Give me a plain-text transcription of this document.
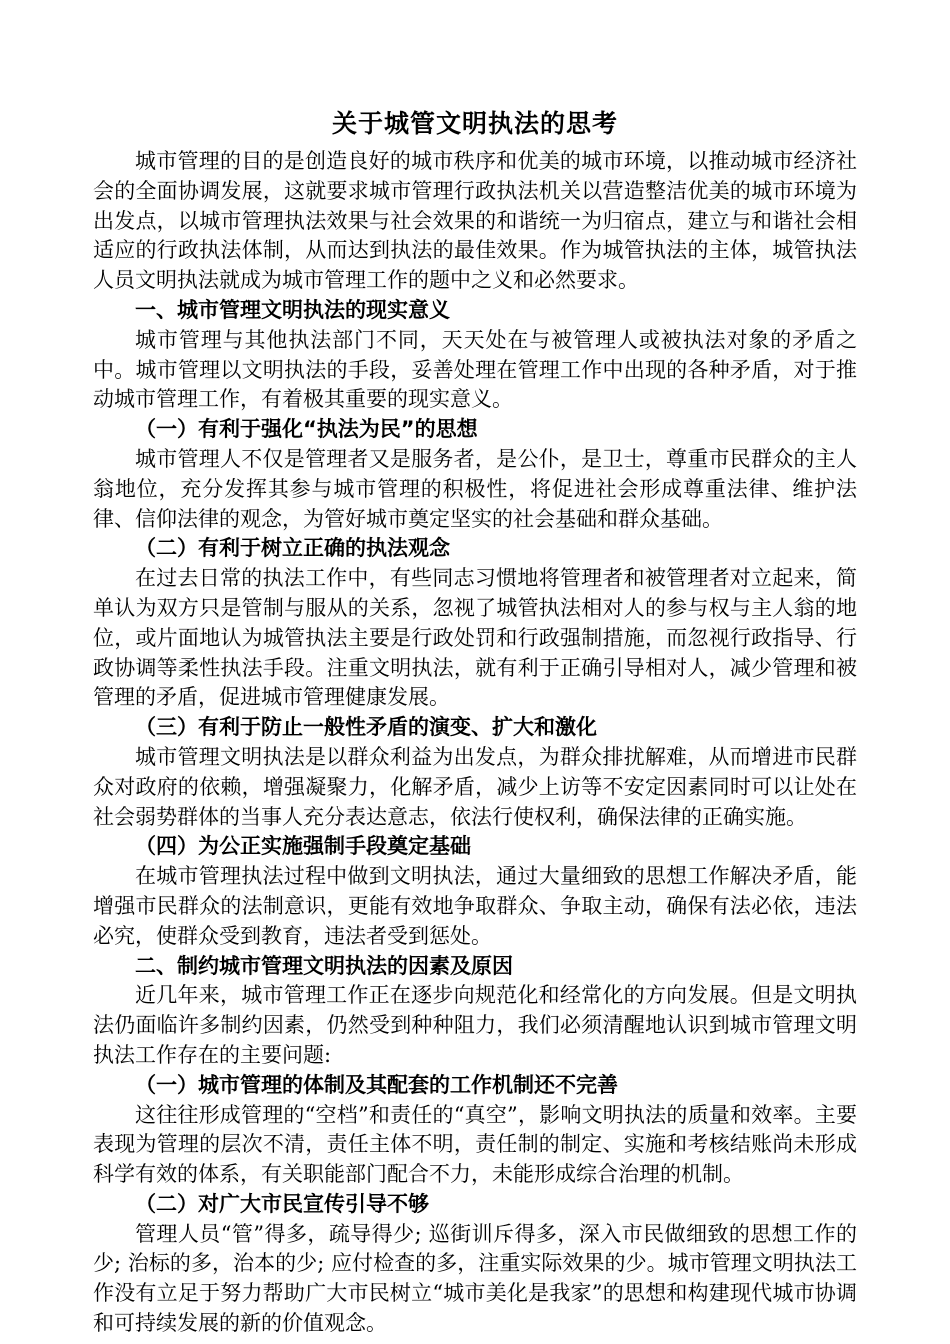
关于城管文明执法的思考

城市管理的目的是创造良好的城市秩序和优美的城市环境，以推动城市经济社会的全面协调发展，这就要求城市管理行政执法机关以营造整洁优美的城市环境为出发点，以城市管理执法效果与社会效果的和谐统一为归宿点，建立与和谐社会相适应的行政执法体制，从而达到执法的最佳效果。作为城管执法的主体，城管执法人员文明执法就成为城市管理工作的题中之义和必然要求。

一、城市管理文明执法的现实意义

城市管理与其他执法部门不同，天天处在与被管理人或被执法对象的矛盾之中。城市管理以文明执法的手段，妥善处理在管理工作中出现的各种矛盾，对于推动城市管理工作，有着极其重要的现实意义。

（一）有利于强化“执法为民”的思想

城市管理人不仅是管理者又是服务者，是公仆，是卫士，尊重市民群众的主人翁地位，充分发挥其参与城市管理的积极性，将促进社会形成尊重法律、维护法律、信仰法律的观念，为管好城市奠定坚实的社会基础和群众基础。

（二）有利于树立正确的执法观念

在过去日常的执法工作中，有些同志习惯地将管理者和被管理者对立起来，简单认为双方只是管制与服从的关系，忽视了城管执法相对人的参与权与主人翁的地位，或片面地认为城管执法主要是行政处罚和行政强制措施，而忽视行政指导、行政协调等柔性执法手段。注重文明执法，就有利于正确引导相对人，减少管理和被管理的矛盾，促进城市管理健康发展。

（三）有利于防止一般性矛盾的演变、扩大和激化

城市管理文明执法是以群众利益为出发点，为群众排扰解难，从而增进市民群众对政府的依赖，增强凝聚力，化解矛盾，减少上访等不安定因素同时可以让处在社会弱势群体的当事人充分表达意志，依法行使权利，确保法律的正确实施。

（四）为公正实施强制手段奠定基础

在城市管理执法过程中做到文明执法，通过大量细致的思想工作解决矛盾，能增强市民群众的法制意识，更能有效地争取群众、争取主动，确保有法必依，违法必究，使群众受到教育，违法者受到惩处。

二、制约城市管理文明执法的因素及原因

近几年来，城市管理工作正在逐步向规范化和经常化的方向发展。但是文明执法仍面临许多制约因素，仍然受到种种阻力，我们必须清醒地认识到城市管理文明执法工作存在的主要问题:

（一）城市管理的体制及其配套的工作机制还不完善

这往往形成管理的“空档”和责任的“真空”，影响文明执法的质量和效率。主要表现为管理的层次不清，责任主体不明，责任制的制定、实施和考核结账尚未形成科学有效的体系，有关职能部门配合不力，未能形成综合治理的机制。

（二）对广大市民宣传引导不够

管理人员“管”得多，疏导得少; 巡街训斥得多，深入市民做细致的思想工作的少; 治标的多，治本的少; 应付检查的多，注重实际效果的少。城市管理文明执法工作没有立足于努力帮助广大市民树立“城市美化是我家”的思想和构建现代城市协调和可持续发展的新的价值观念。
